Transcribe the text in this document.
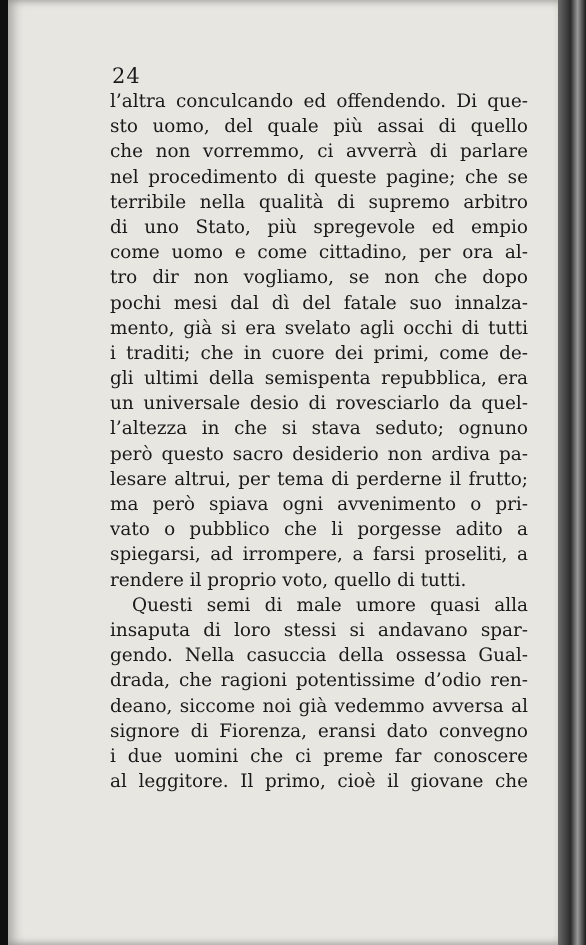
24
l’altra conculcando ed offendendo. Di que-
sto uomo, del quale più assai di quello
che non vorremmo, ci avverrà di parlare
nel procedimento di queste pagine; che se
terribile nella qualità di supremo arbitro
di uno Stato, più spregevole ed empio
come uomo e come cittadino, per ora al-
tro dir non vogliamo, se non che dopo
pochi mesi dal dì del fatale suo innalza-
mento, già si era svelato agli occhi di tutti
i traditi; che in cuore dei primi, come de-
gli ultimi della semispenta repubblica, era
un universale desio di rovesciarlo da quel-
l’altezza in che si stava seduto; ognuno
però questo sacro desiderio non ardiva pa-
lesare altrui, per tema di perderne il frutto;
ma però spiava ogni avvenimento o pri-
vato o pubblico che li porgesse adito a
spiegarsi, ad irrompere, a farsi proseliti, a
rendere il proprio voto, quello di tutti.
Questi semi di male umore quasi alla
insaputa di loro stessi si andavano spar-
gendo. Nella casuccia della ossessa Gual-
drada, che ragioni potentissime d’odio ren-
deano, siccome noi già vedemmo avversa al
signore di Fiorenza, eransi dato convegno
i due uomini che ci preme far conoscere
al leggitore. Il primo, cioè il giovane che
